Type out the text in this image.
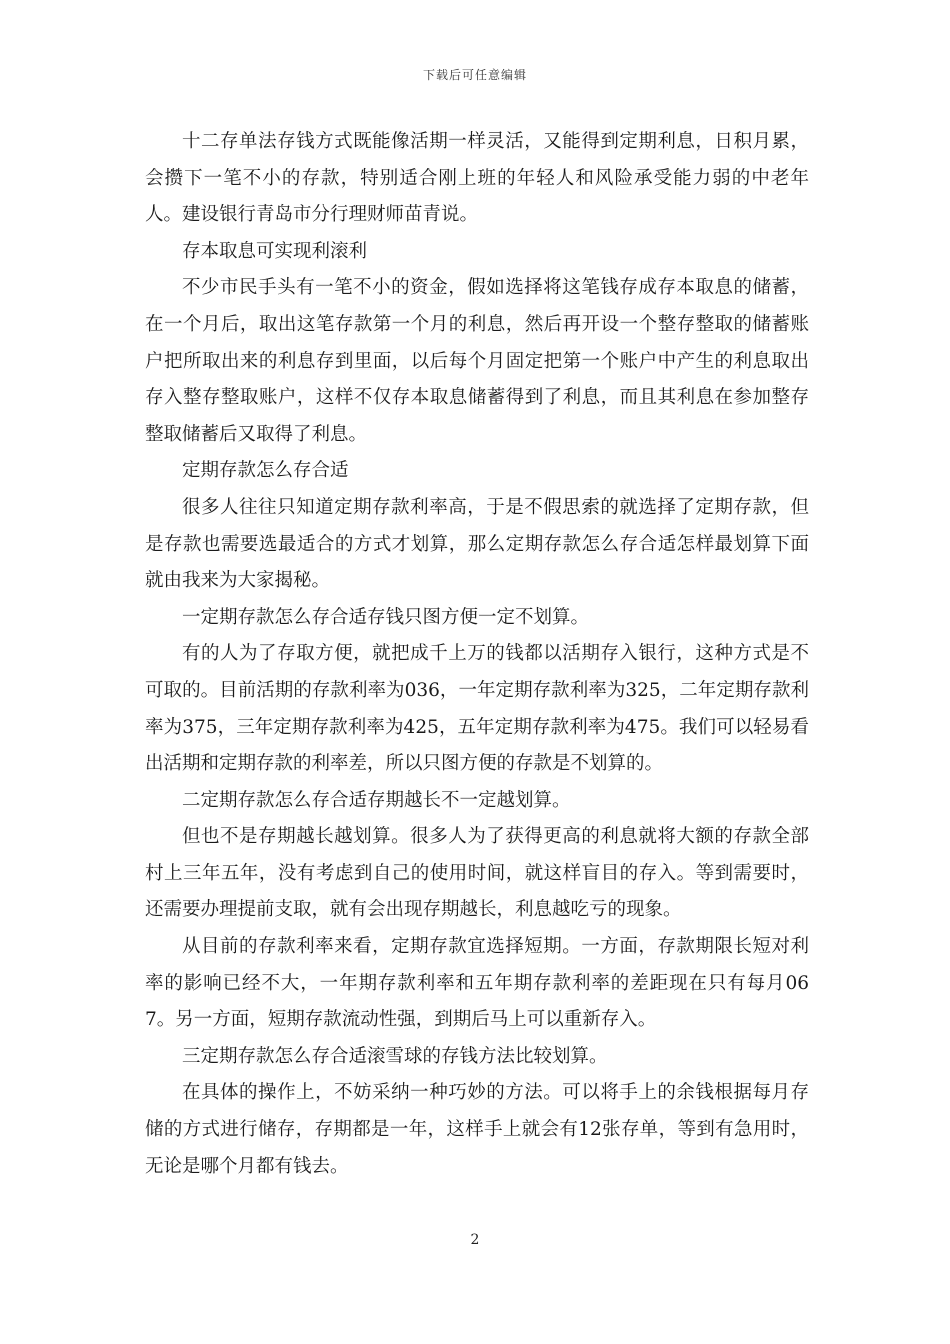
下载后可任意编辑

十二存单法存钱方式既能像活期一样灵活，又能得到定期利息，日积月累，会攒下一笔不小的存款，特别适合刚上班的年轻人和风险承受能力弱的中老年人。建设银行青岛市分行理财师苗青说。

存本取息可实现利滚利

不少市民手头有一笔不小的资金，假如选择将这笔钱存成存本取息的储蓄，在一个月后，取出这笔存款第一个月的利息，然后再开设一个整存整取的储蓄账户把所取出来的利息存到里面，以后每个月固定把第一个账户中产生的利息取出存入整存整取账户，这样不仅存本取息储蓄得到了利息，而且其利息在参加整存整取储蓄后又取得了利息。

定期存款怎么存合适

很多人往往只知道定期存款利率高，于是不假思索的就选择了定期存款，但是存款也需要选最适合的方式才划算，那么定期存款怎么存合适怎样最划算下面就由我来为大家揭秘。

一定期存款怎么存合适存钱只图方便一定不划算。

有的人为了存取方便，就把成千上万的钱都以活期存入银行，这种方式是不可取的。目前活期的存款利率为036，一年定期存款利率为325，二年定期存款利率为375，三年定期存款利率为425，五年定期存款利率为475。我们可以轻易看出活期和定期存款的利率差，所以只图方便的存款是不划算的。

二定期存款怎么存合适存期越长不一定越划算。

但也不是存期越长越划算。很多人为了获得更高的利息就将大额的存款全部村上三年五年，没有考虑到自己的使用时间，就这样盲目的存入。等到需要时，还需要办理提前支取，就有会出现存期越长，利息越吃亏的现象。

从目前的存款利率来看，定期存款宜选择短期。一方面，存款期限长短对利率的影响已经不大，一年期存款利率和五年期存款利率的差距现在只有每月067。另一方面，短期存款流动性强，到期后马上可以重新存入。

三定期存款怎么存合适滚雪球的存钱方法比较划算。

在具体的操作上，不妨采纳一种巧妙的方法。可以将手上的余钱根据每月存储的方式进行储存，存期都是一年，这样手上就会有12张存单，等到有急用时，无论是哪个月都有钱去。

2
